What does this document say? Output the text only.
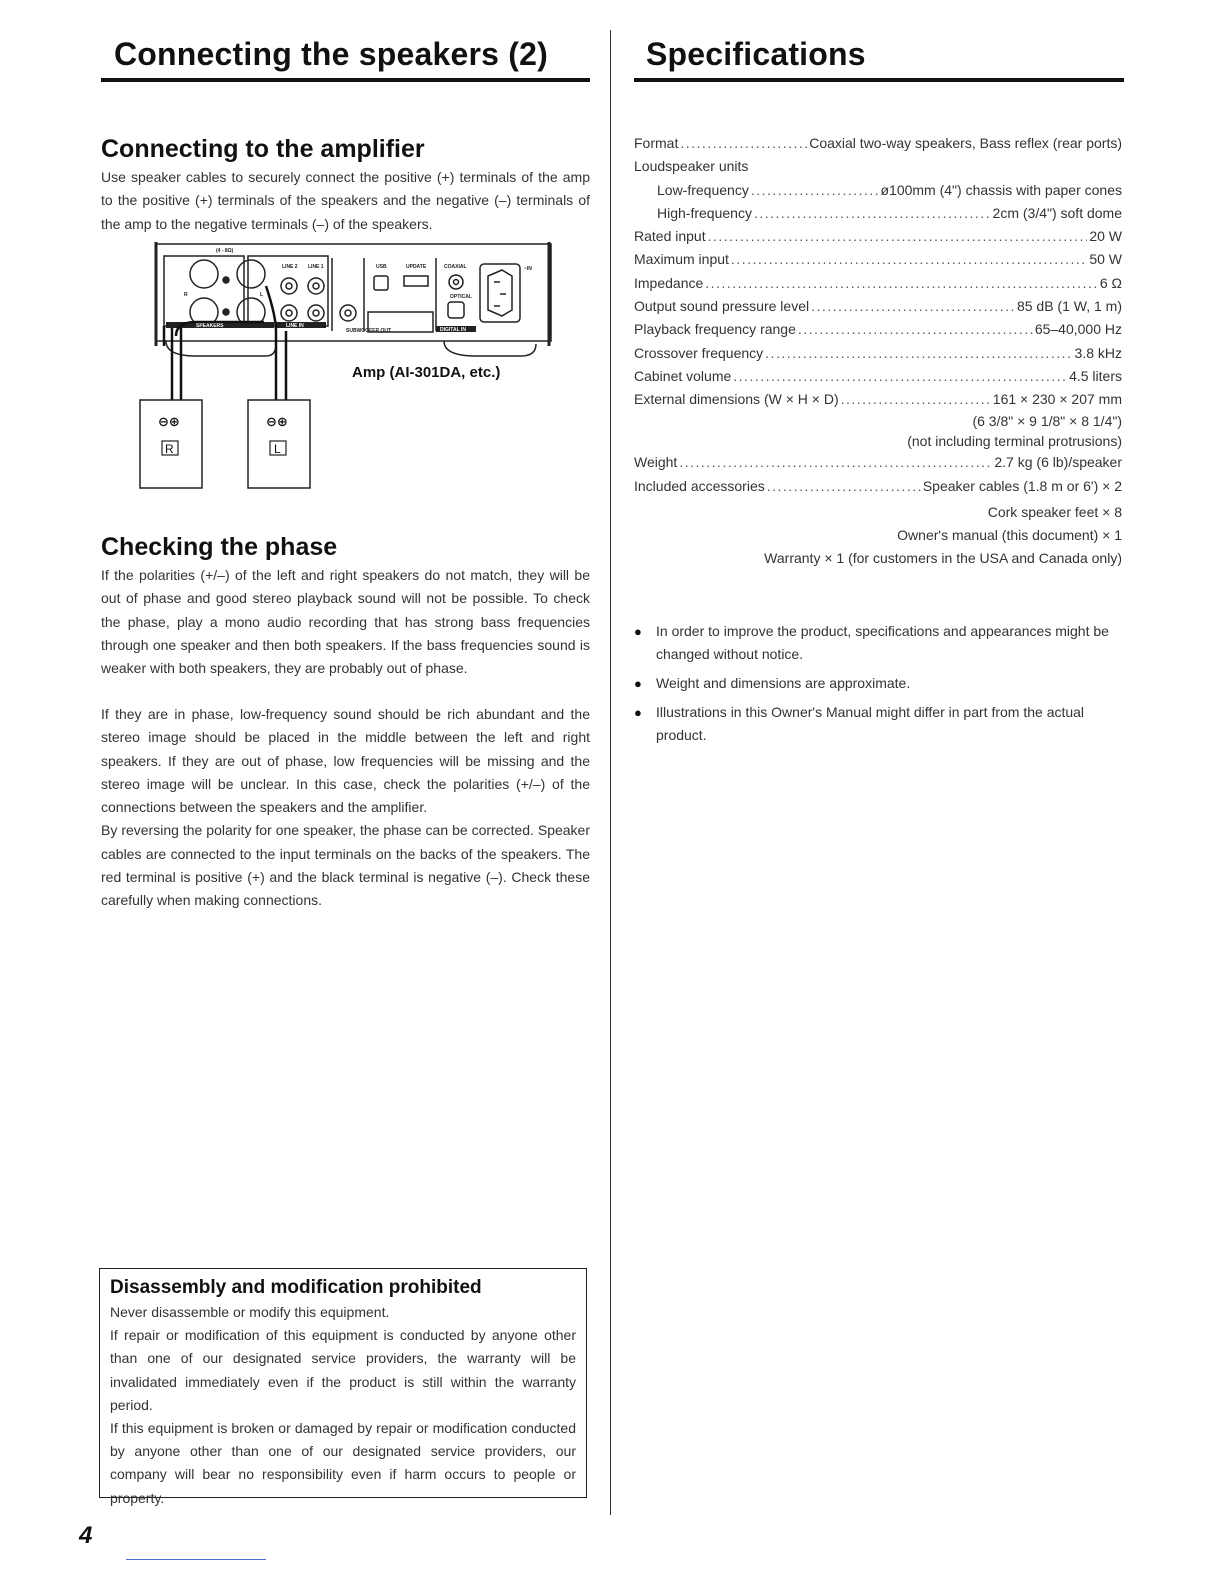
Connecting the speakers (2)
Connecting to the amplifier

Use speaker cables to securely connect the positive (+) terminals of the amp to the positive (+) terminals of the speakers and the negative (–) terminals of the amp to the negative terminals (–) of the speakers.

(4 - 8Ω)
LINE 2 LINE 1	USB	UPDATE	COAXIAL
OPTICAL
~IN
SUBWOOFER OUT
R	L
SPEAKERS	LINE IN
DIGITAL IN
⊖⊕	⊖⊕
R	L
Amp (AI-301DA, etc.)
Checking the phase

If the polarities (+/–) of the left and right speakers do not match, they will be out of phase and good stereo playback sound will not be possible. To check the phase, play a mono audio recording that has strong bass frequencies through one speaker and then both speakers. If the bass frequencies sound is weaker with both speakers, they are probably out of phase.

If they are in phase, low-frequency sound should be rich abundant and the stereo image should be placed in the middle between the left and right speakers. If they are out of phase, low frequencies will be missing and the stereo image will be unclear. In this case, check the polarities (+/–) of the connections between the speakers and the amplifier.

By reversing the polarity for one speaker, the phase can be corrected. Speaker cables are connected to the input terminals on the backs of the speakers. The red terminal is positive (+) and the black terminal is negative (–). Check these carefully when making connections.

Disassembly and modification prohibited

Never disassemble or modify this equipment.

If repair or modification of this equipment is conducted by anyone other than one of our designated service providers, the warranty will be invalidated immediately even if the product is still within the warranty period.

If this equipment is broken or damaged by repair or modification conducted by anyone other than one of our designated service providers, our company will bear no responsibility even if harm occurs to people or property.

4
Specifications
Format .....	Coaxial two-way speakers, Bass reflex (rear ports)
Loudspeaker units
Low-frequency .....	ø100mm (4") chassis with paper cones
High-frequency .....	2cm (3/4") soft dome
Rated input .....	20 W
Maximum input .....	50 W
Impedance .....	6 Ω
Output sound pressure level .....	85 dB (1 W, 1 m)
Playback frequency range .....	65–40,000 Hz
Crossover frequency .....	3.8 kHz
Cabinet volume .....	4.5 liters
External dimensions (W × H × D) .....	161 × 230 × 207 mm
(6 3/8" × 9 1/8" × 8 1/4")
(not including terminal protrusions)
Weight .....	2.7 kg (6 lb)/speaker
Included accessories .....	Speaker cables (1.8 m or 6') × 2
Cork speaker feet × 8
Owner's manual (this document) × 1
Warranty × 1 (for customers in the USA and Canada only)
●	In order to improve the product, specifications and appearances might be changed without notice.
●	Weight and dimensions are approximate.
●	Illustrations in this Owner's Manual might differ in part from the actual product.
